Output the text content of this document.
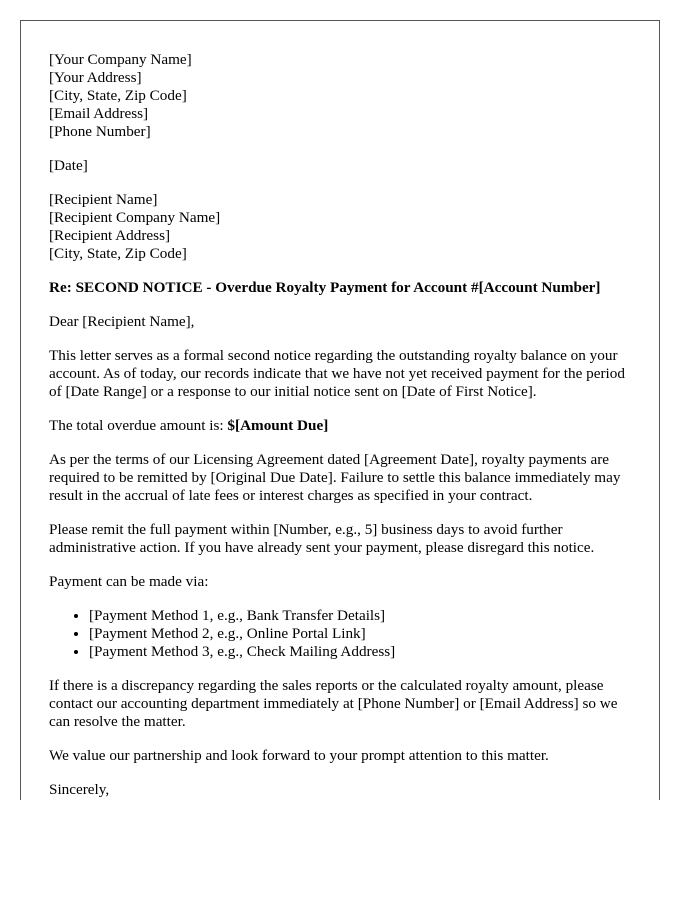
[Your Company Name]
[Your Address]
[City, State, Zip Code]
[Email Address]
[Phone Number]

[Date]

[Recipient Name]
[Recipient Company Name]
[Recipient Address]
[City, State, Zip Code]

Re: SECOND NOTICE - Overdue Royalty Payment for Account #[Account Number]

Dear [Recipient Name],

This letter serves as a formal second notice regarding the outstanding royalty balance on your account. As of today, our records indicate that we have not yet received payment for the period of [Date Range] or a response to our initial notice sent on [Date of First Notice].

The total overdue amount is: $[Amount Due]

As per the terms of our Licensing Agreement dated [Agreement Date], royalty payments are required to be remitted by [Original Due Date]. Failure to settle this balance immediately may result in the accrual of late fees or interest charges as specified in your contract.

Please remit the full payment within [Number, e.g., 5] business days to avoid further administrative action. If you have already sent your payment, please disregard this notice.

Payment can be made via:

• [Payment Method 1, e.g., Bank Transfer Details]
• [Payment Method 2, e.g., Online Portal Link]
• [Payment Method 3, e.g., Check Mailing Address]

If there is a discrepancy regarding the sales reports or the calculated royalty amount, please contact our accounting department immediately at [Phone Number] or [Email Address] so we can resolve the matter.

We value our partnership and look forward to your prompt attention to this matter.

Sincerely,
